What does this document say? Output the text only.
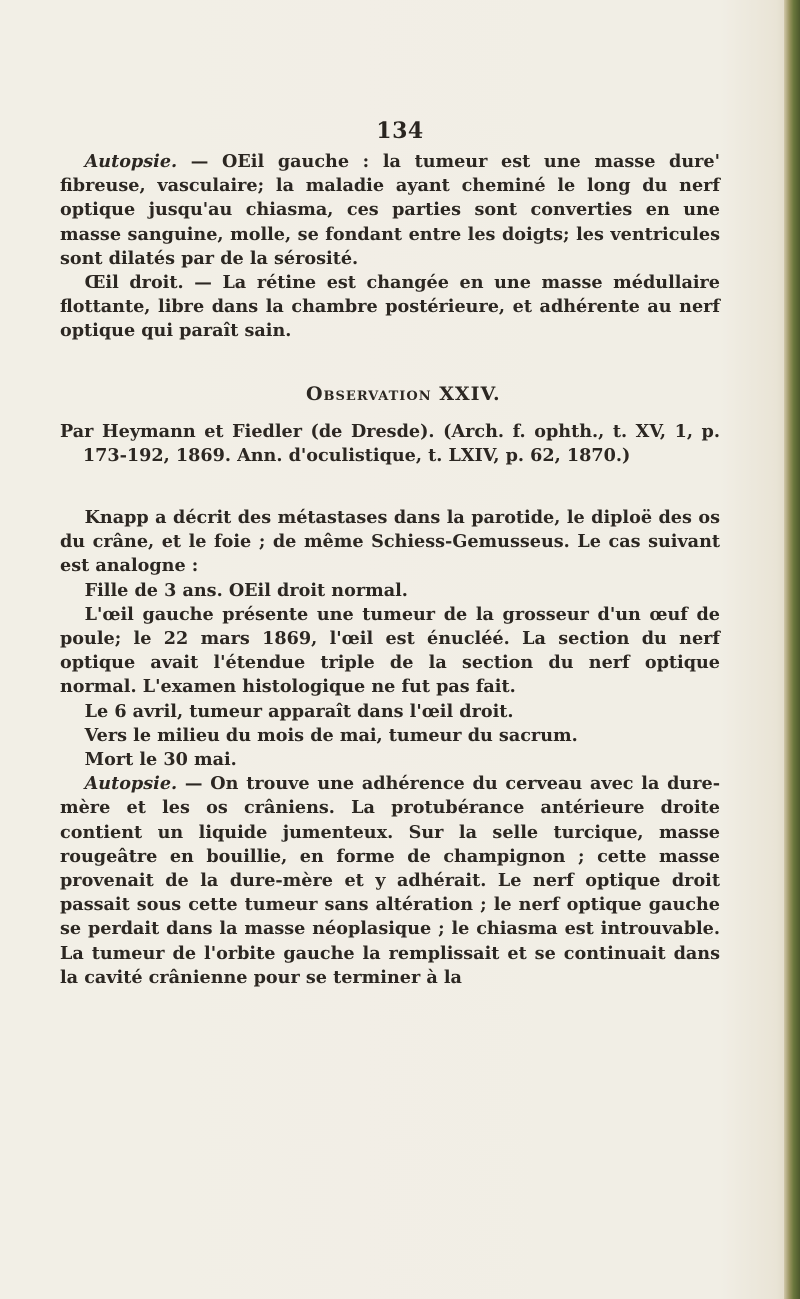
134

Autopsie. — OEil gauche : la tumeur est une masse dure' fibreuse, vasculaire; la maladie ayant cheminé le long du nerf optique jusqu'au chiasma, ces parties sont converties en une masse sanguine, molle, se fondant entre les doigts; les ventricules sont dilatés par de la sérosité.

Œil droit. — La rétine est changée en une masse médullaire flottante, libre dans la chambre postérieure, et adhérente au nerf optique qui paraît sain.

Observation XXIV.

Par Heymann et Fiedler (de Dresde). (Arch. f. ophth., t. XV, 1, p. 173-192, 1869. Ann. d'oculistique, t. LXIV, p. 62, 1870.)

Knapp a décrit des métastases dans la parotide, le diploë des os du crâne, et le foie ; de même Schiess-Gemusseus. Le cas suivant est analogne :

Fille de 3 ans. OEil droit normal.

L'œil gauche présente une tumeur de la grosseur d'un œuf de poule; le 22 mars 1869, l'œil est énucléé. La section du nerf optique avait l'étendue triple de la section du nerf optique normal. L'examen histologique ne fut pas fait.

Le 6 avril, tumeur apparaît dans l'œil droit.

Vers le milieu du mois de mai, tumeur du sacrum.

Mort le 30 mai.

Autopsie. — On trouve une adhérence du cerveau avec la dure-mère et les os crâniens. La protubérance antérieure droite contient un liquide jumenteux. Sur la selle turcique, masse rougeâtre en bouillie, en forme de champignon ; cette masse provenait de la dure-mère et y adhérait. Le nerf optique droit passait sous cette tumeur sans altération ; le nerf optique gauche se perdait dans la masse néoplasique ; le chiasma est introuvable. La tumeur de l'orbite gauche la remplissait et se continuait dans la cavité crânienne pour se terminer à la
